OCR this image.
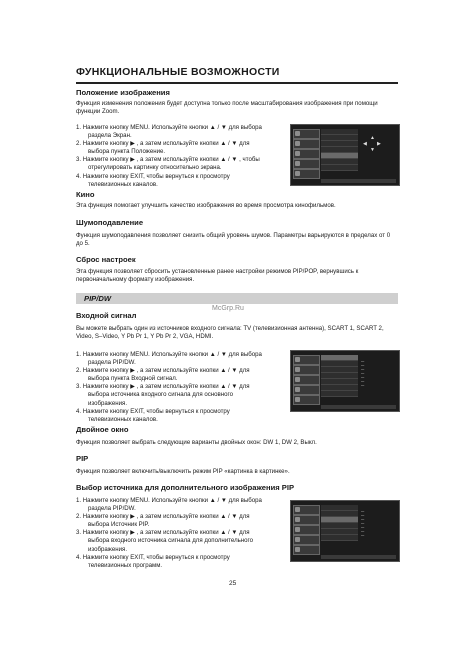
ФУНКЦИОНАЛЬНЫЕ ВОЗМОЖНОСТИ
Положение изображения
Функция изменения положения будет доступна только после масштабирования изображения при помощи функции Zoom.
1. Нажмите кнопку MENU. Используйте кнопки ▲ / ▼ для выбора раздела Экран.
2. Нажмите кнопку ▶ , а затем используйте кнопки ▲ / ▼ для выбора пункта Положение.
3. Нажмите кнопку ▶ , а затем используйте кнопки ▲ / ▼ , чтобы отрегулировать картинку относительно экрана.
4. Нажмите кнопку EXIT, чтобы вернуться к просмотру телевизионных каналов.
▲
▼
◀ ▶
Кино
Эта функция помогает улучшить качество изображения во время просмотра кинофильмов.
Шумоподавление
Функция шумоподавления позволяет снизить общий уровень шумов. Параметры варьируются в пределах от 0 до 5.
Сброс настроек
Эта функция позволяет сбросить установленные ранее настройки режимов PIP/POP, вернувшись к первоначальному формату изображения.
PIP/DW
McGrp.Ru
Входной сигнал
Вы можете выбрать один из источников входного сигнала: TV (телевизионная антенна), SCART 1, SCART 2, Video, S–Video, Y Pb Pr 1, Y Pb Pr 2, VGA, HDMI.
1. Нажмите кнопку MENU. Используйте кнопки ▲ / ▼ для выбора раздела PIP/DW.
2. Нажмите кнопку ▶ , а затем используйте кнопки ▲ / ▼ для выбора пункта Входной сигнал.
3. Нажмите кнопку ▶ , а затем используйте кнопки ▲ / ▼ для выбора источника входного сигнала для основного изображения.
4. Нажмите кнопку EXIT, чтобы вернуться к просмотру телевизионных каналов.
—
—
—
—
—
—
—
Двойное окно
Функция позволяет выбрать следующие варианты двойных окон: DW 1, DW 2, Выкл.
PIP
Функция позволяет включить/выключить режим PIP «картинка в картинке».
Выбор источника для дополнительного изображения PIP
1. Нажмите кнопку MENU. Используйте кнопки ▲ / ▼ для выбора раздела PIP/DW.
2. Нажмите кнопку ▶ , а затем используйте кнопки ▲ / ▼ для выбора Источник PIP.
3. Нажмите кнопку ▶ , а затем используйте кнопки ▲ / ▼ для выбора входного источника сигнала для дополнительного изображения.
4. Нажмите кнопку EXIT, чтобы вернуться к просмотру телевизионных программ.
—
—
—
—
—
—
—
25
